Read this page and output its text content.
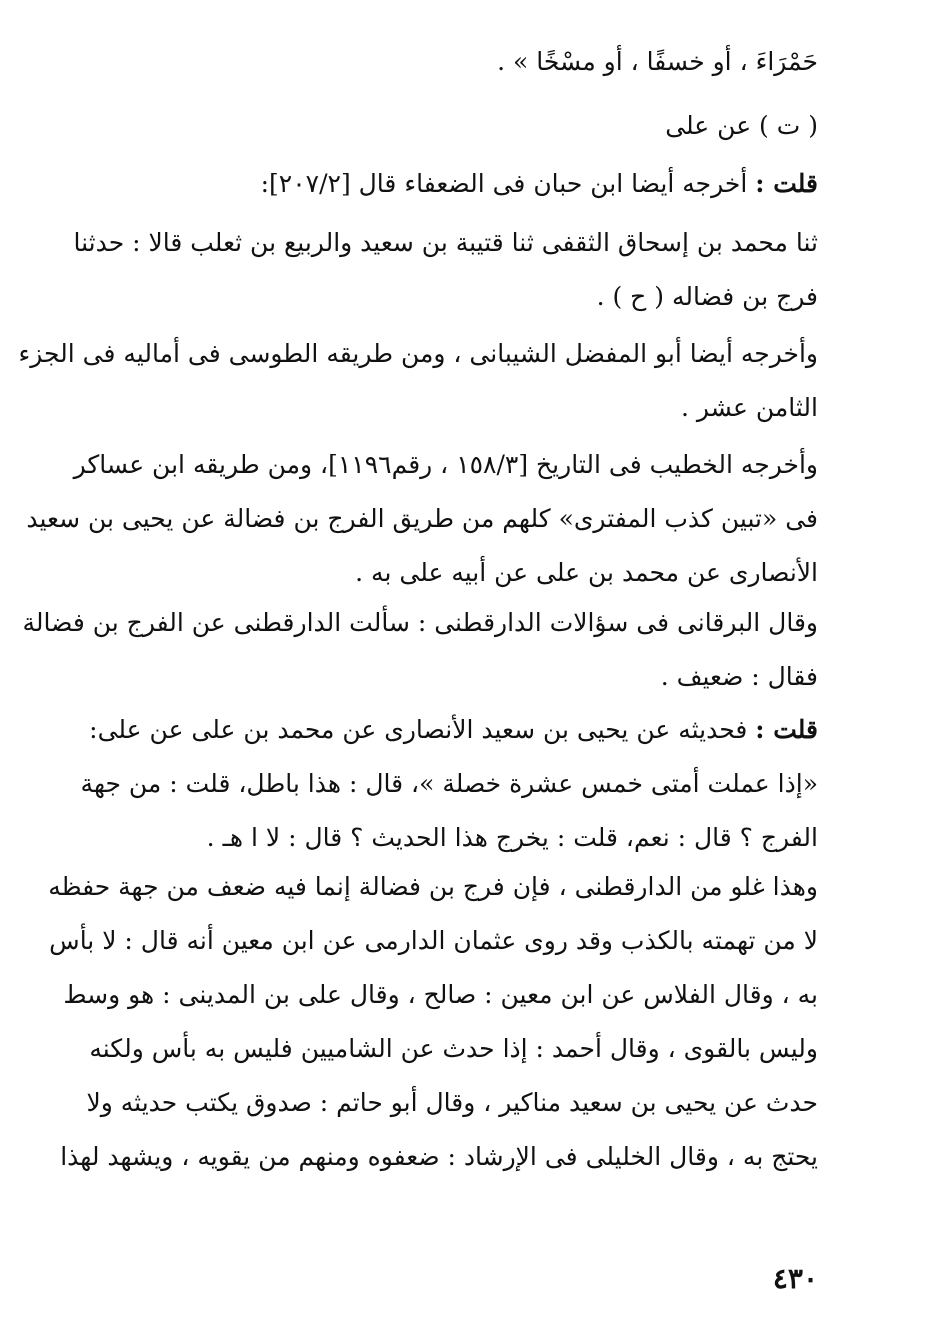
حَمْرَاءَ ، أو خسفًا ، أو مسْخًا » .

( ت ) عن على

قلت : أخرجه أيضا ابن حبان فى الضعفاء قال [٢٠٧/٢]:

ثنا محمد بن إسحاق الثقفى ثنا قتيبة بن سعيد والربيع بن ثعلب قالا : حدثنا
فرج بن فضاله ( ح ) .

وأخرجه أيضا أبو المفضل الشيبانى ، ومن طريقه الطوسى فى أماليه فى الجزء
الثامن عشر .

وأخرجه الخطيب فى التاريخ [١٥٨/٣ ، رقم١١٩٦]، ومن طريقه ابن عساكر
فى «تبين كذب المفترى» كلهم من طريق الفرج بن فضالة عن يحيى بن سعيد
الأنصارى عن محمد بن على عن أبيه على به .

وقال البرقانى فى سؤالات الدارقطنى : سألت الدارقطنى عن الفرج بن فضالة
فقال : ضعيف .

قلت : فحديثه عن يحيى بن سعيد الأنصارى عن محمد بن على عن على:
«إذا عملت أمتى خمس عشرة خصلة »، قال : هذا باطل، قلت : من جهة
الفرج ؟ قال : نعم، قلت : يخرج هذا الحديث ؟ قال : لا ا هـ .

وهذا غلو من الدارقطنى ، فإن فرج بن فضالة إنما فيه ضعف من جهة حفظه
لا من تهمته بالكذب وقد روى عثمان الدارمى عن ابن معين أنه قال : لا بأس
به ، وقال الفلاس عن ابن معين : صالح ، وقال على بن المدينى : هو وسط
وليس بالقوى ، وقال أحمد : إذا حدث عن الشاميين فليس به بأس ولكنه
حدث عن يحيى بن سعيد مناكير ، وقال أبو حاتم : صدوق يكتب حديثه ولا
يحتج به ، وقال الخليلى فى الإرشاد : ضعفوه ومنهم من يقويه ، ويشهد لهذا

٤٣٠
